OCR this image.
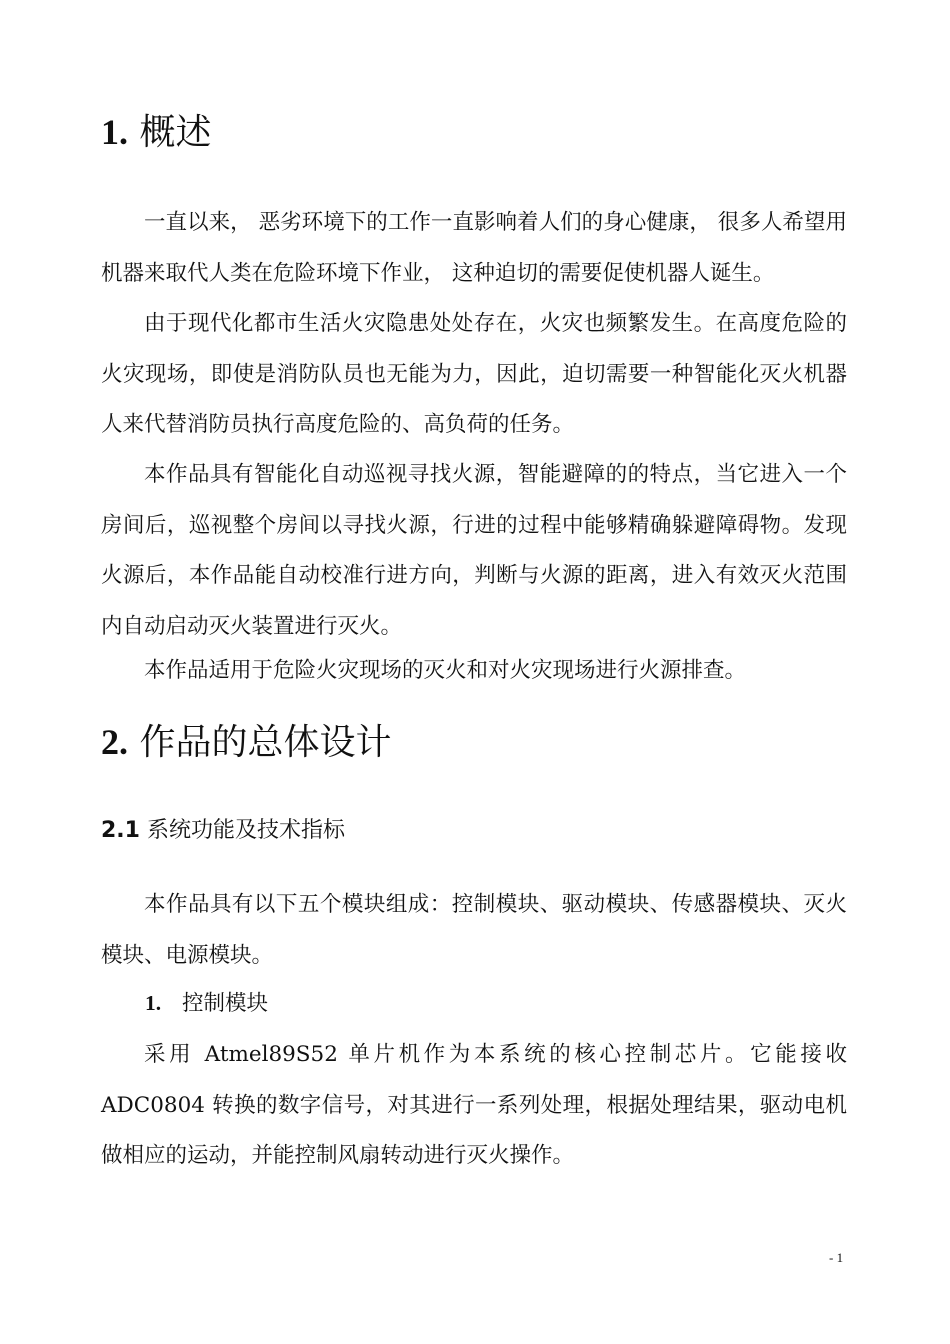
1. 概述

一直以来， 恶劣环境下的工作一直影响着人们的身心健康， 很多人希望用机器来取代人类在危险环境下作业， 这种迫切的需要促使机器人诞生。

由于现代化都市生活火灾隐患处处存在，火灾也频繁发生。在高度危险的火灾现场，即使是消防队员也无能为力，因此，迫切需要一种智能化灭火机器人来代替消防员执行高度危险的、高负荷的任务。

本作品具有智能化自动巡视寻找火源，智能避障的的特点，当它进入一个房间后，巡视整个房间以寻找火源，行进的过程中能够精确躲避障碍物。发现火源后，本作品能自动校准行进方向，判断与火源的距离，进入有效灭火范围内自动启动灭火装置进行灭火。

本作品适用于危险火灾现场的灭火和对火灾现场进行火源排查。

2. 作品的总体设计
2.1 系统功能及技术指标

本作品具有以下五个模块组成：控制模块、驱动模块、传感器模块、灭火模块、电源模块。

1. 控制模块

采用 Atmel89S52 单片机作为本系统的核心控制芯片。它能接收 ADC0804 转换的数字信号，对其进行一系列处理，根据处理结果，驱动电机做相应的运动，并能控制风扇转动进行灭火操作。

- 1
